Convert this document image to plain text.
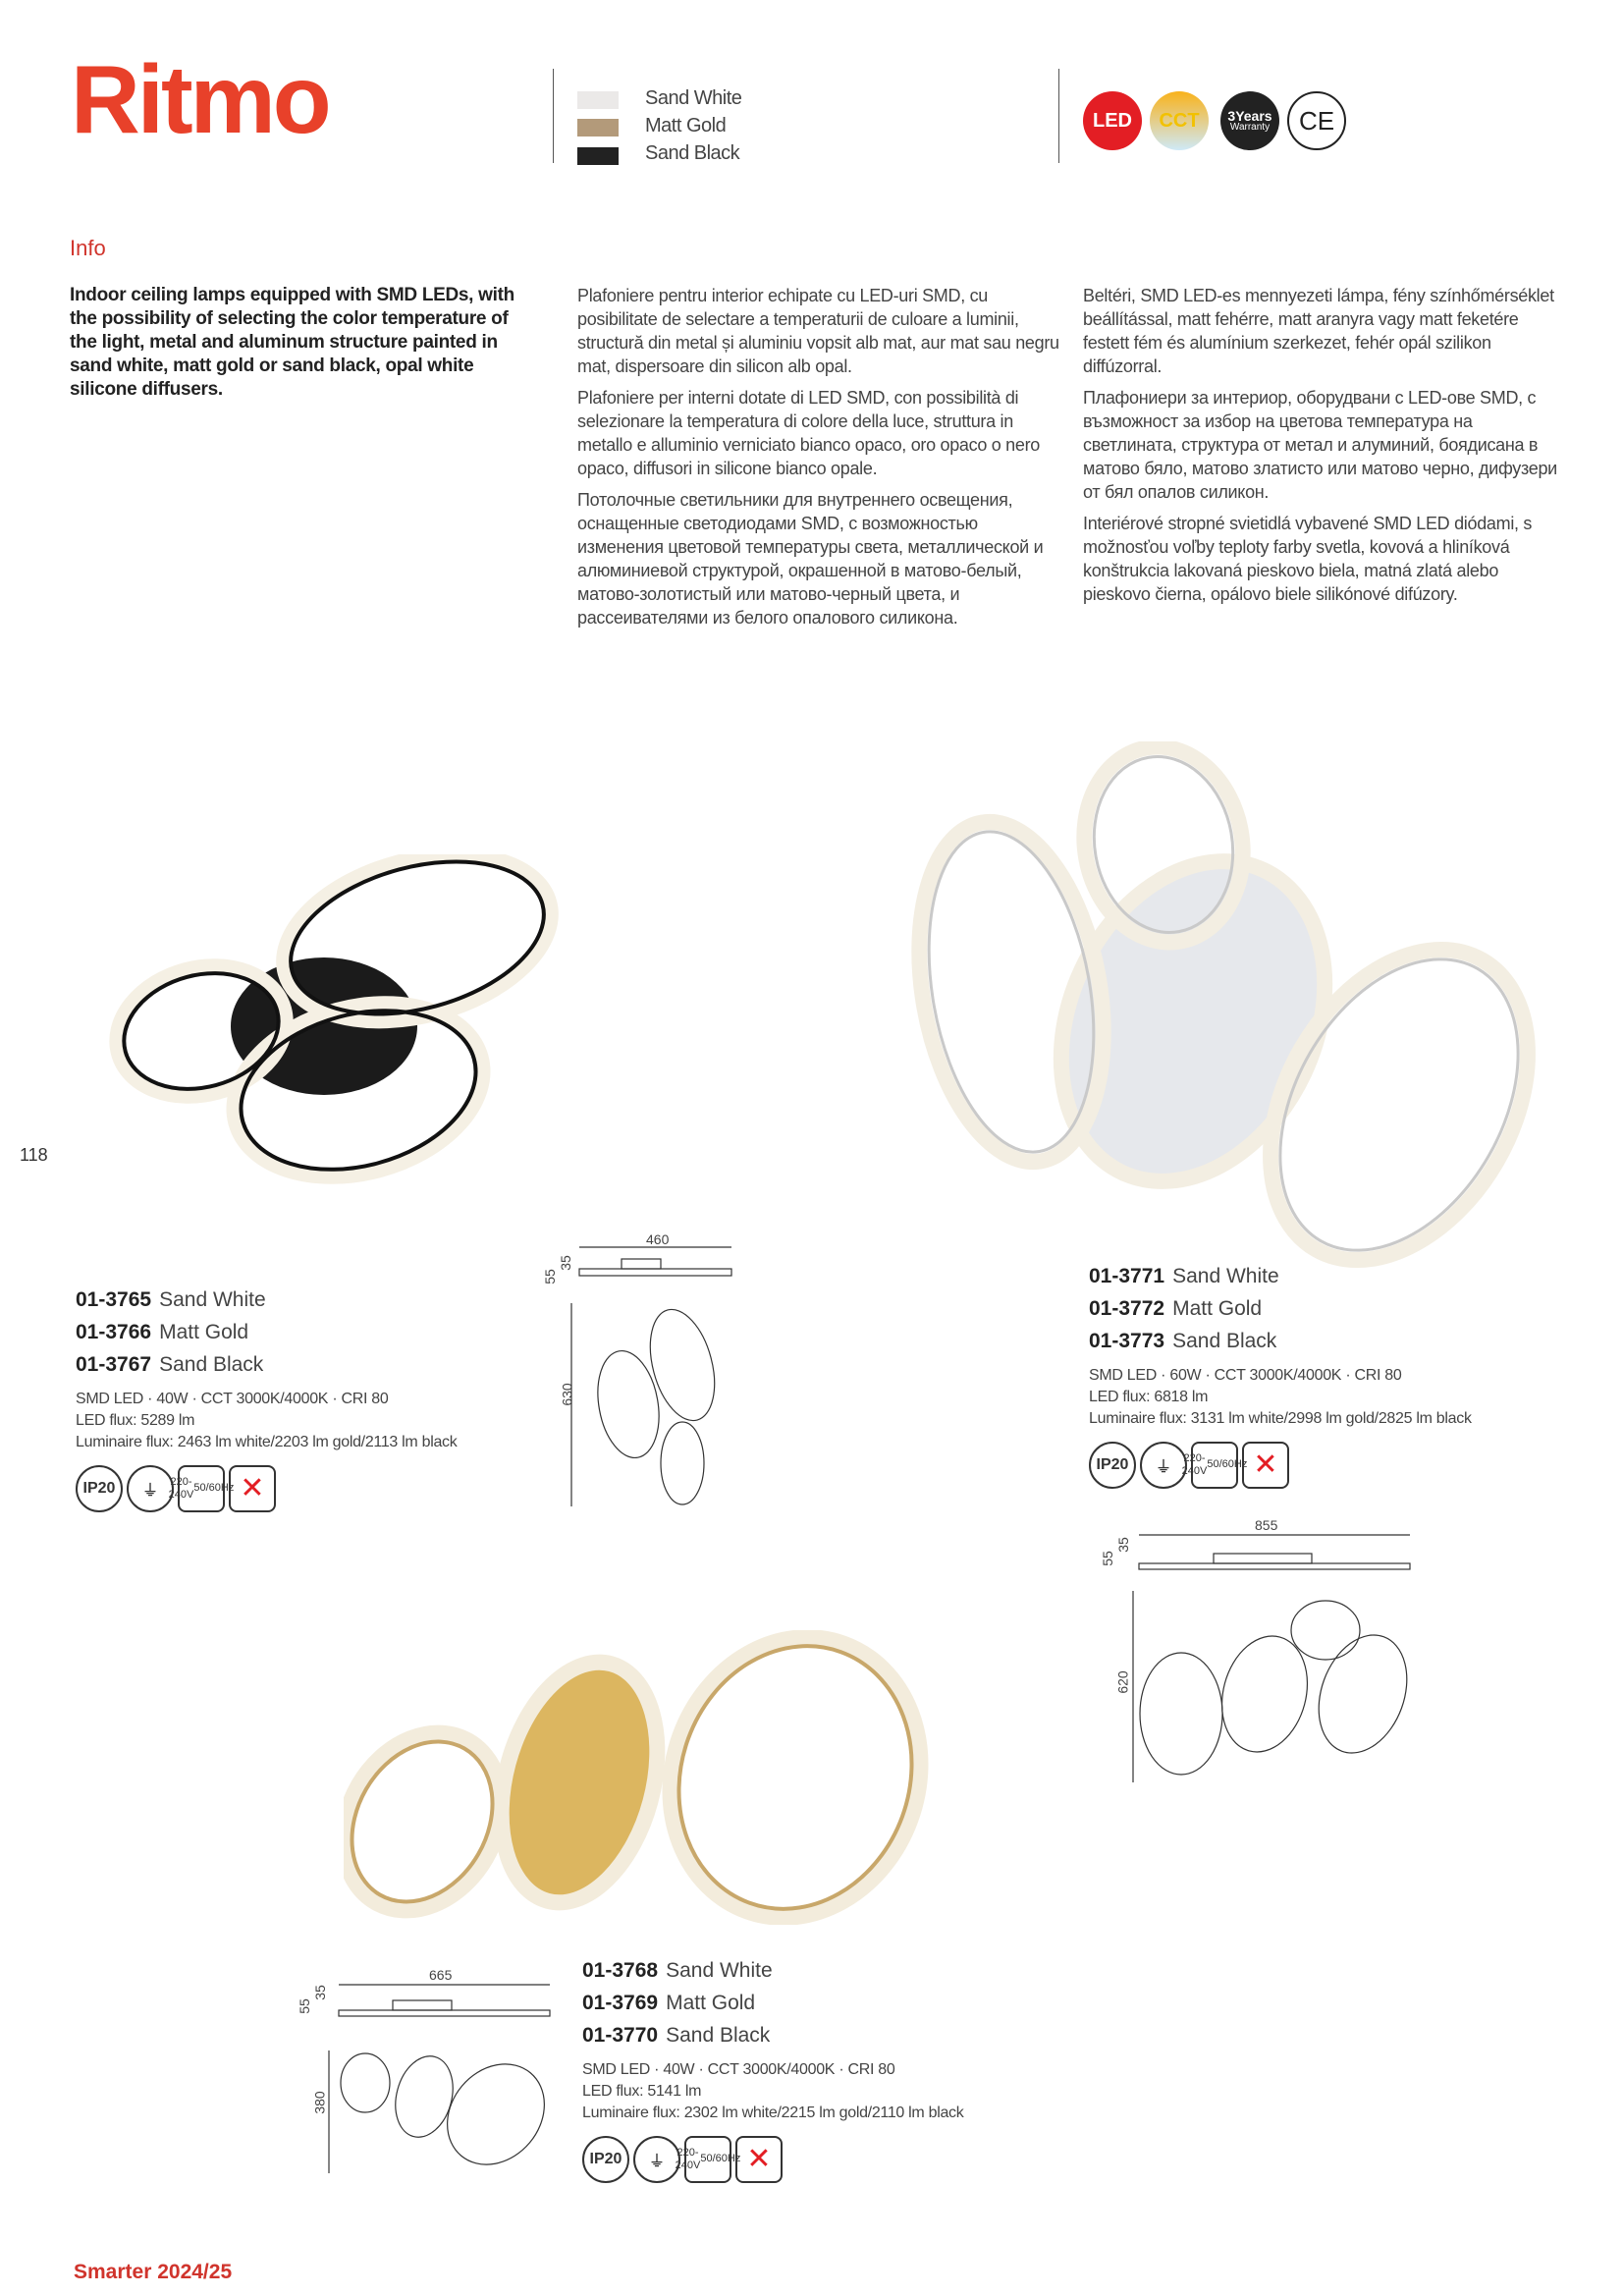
Ritmo	Sand White
Matt Gold
Sand Black
LED	CCT	3Years
Warranty	CE
Info
Indoor ceiling lamps equipped with SMD LEDs, with the possibility of selecting the color temperature of the light, metal and aluminum structure painted in sand white, matt gold or sand black, opal white silicone diffusers.

Plafoniere pentru interior echipate cu LED-uri SMD, cu posibilitate de selectare a temperaturii de culoare a luminii, structură din metal și aluminiu vopsit alb mat, aur mat sau negru mat, dispersoare din silicon alb opal.

Plafoniere per interni dotate di LED SMD, con possibilità di selezionare la temperatura di colore della luce, struttura in metallo e alluminio verniciato bianco opaco, oro opaco o nero opaco, diffusori in silicone bianco opale.

Потолочные светильники для внутреннего освещения, оснащенные светодиодами SMD, с возможностью изменения цветовой температуры света, металлической и алюминиевой структурой, окрашенной в матово-белый, матово-золотистый или матово-черный цвета, и рассеивателями из белого опалового силикона.

Beltéri, SMD LED-es mennyezeti lámpa, fény színhőmérséklet beállítással, matt fehérre, matt aranyra vagy matt feketére festett fém és alumínium szerkezet, fehér opál szilikon diffúzorral.

Плафониери за интериор, оборудвани с LED-ове SMD, с възможност за избор на цветова температура на светлината, структура от метал и алуминий, боядисана в матово бяло, матово златисто или матово черно, дифузери от бял опалов силикон.

Interiérové stropné svietidlá vybavené SMD LED diódami, s možnosťou voľby teploty farby svetla, kovová a hliníková konštrukcia lakovaná pieskovo biela, matná zlatá alebo pieskovo čierna, opálovo biele silikónové difúzory.

118
01-3765 Sand White
01-3766 Matt Gold
01-3767 Sand Black
SMD LED · 40W · CCT 3000K/4000K · CRI 80
LED flux: 5289 lm
Luminaire flux: 2463 lm white/2203 lm gold/2113 lm black
IP20	⏚
220-240V

50/60Hz ✕
01-3771 Sand White
01-3772 Matt Gold
01-3773 Sand Black
SMD LED · 60W · CCT 3000K/4000K · CRI 80
LED flux: 6818 lm
Luminaire flux: 3131 lm white/2998 lm gold/2825 lm black
IP20	⏚
220-240V

50/60Hz ✕
01-3768 Sand White
01-3769 Matt Gold
01-3770 Sand Black
SMD LED · 40W · CCT 3000K/4000K · CRI 80
LED flux: 5141 lm
Luminaire flux: 2302 lm white/2215 lm gold/2110 lm black
IP20	⏚
220-240V

50/60Hz ✕
460
35
55
630
855
35
55
620
665
35
55
380
Smarter 2024/25
